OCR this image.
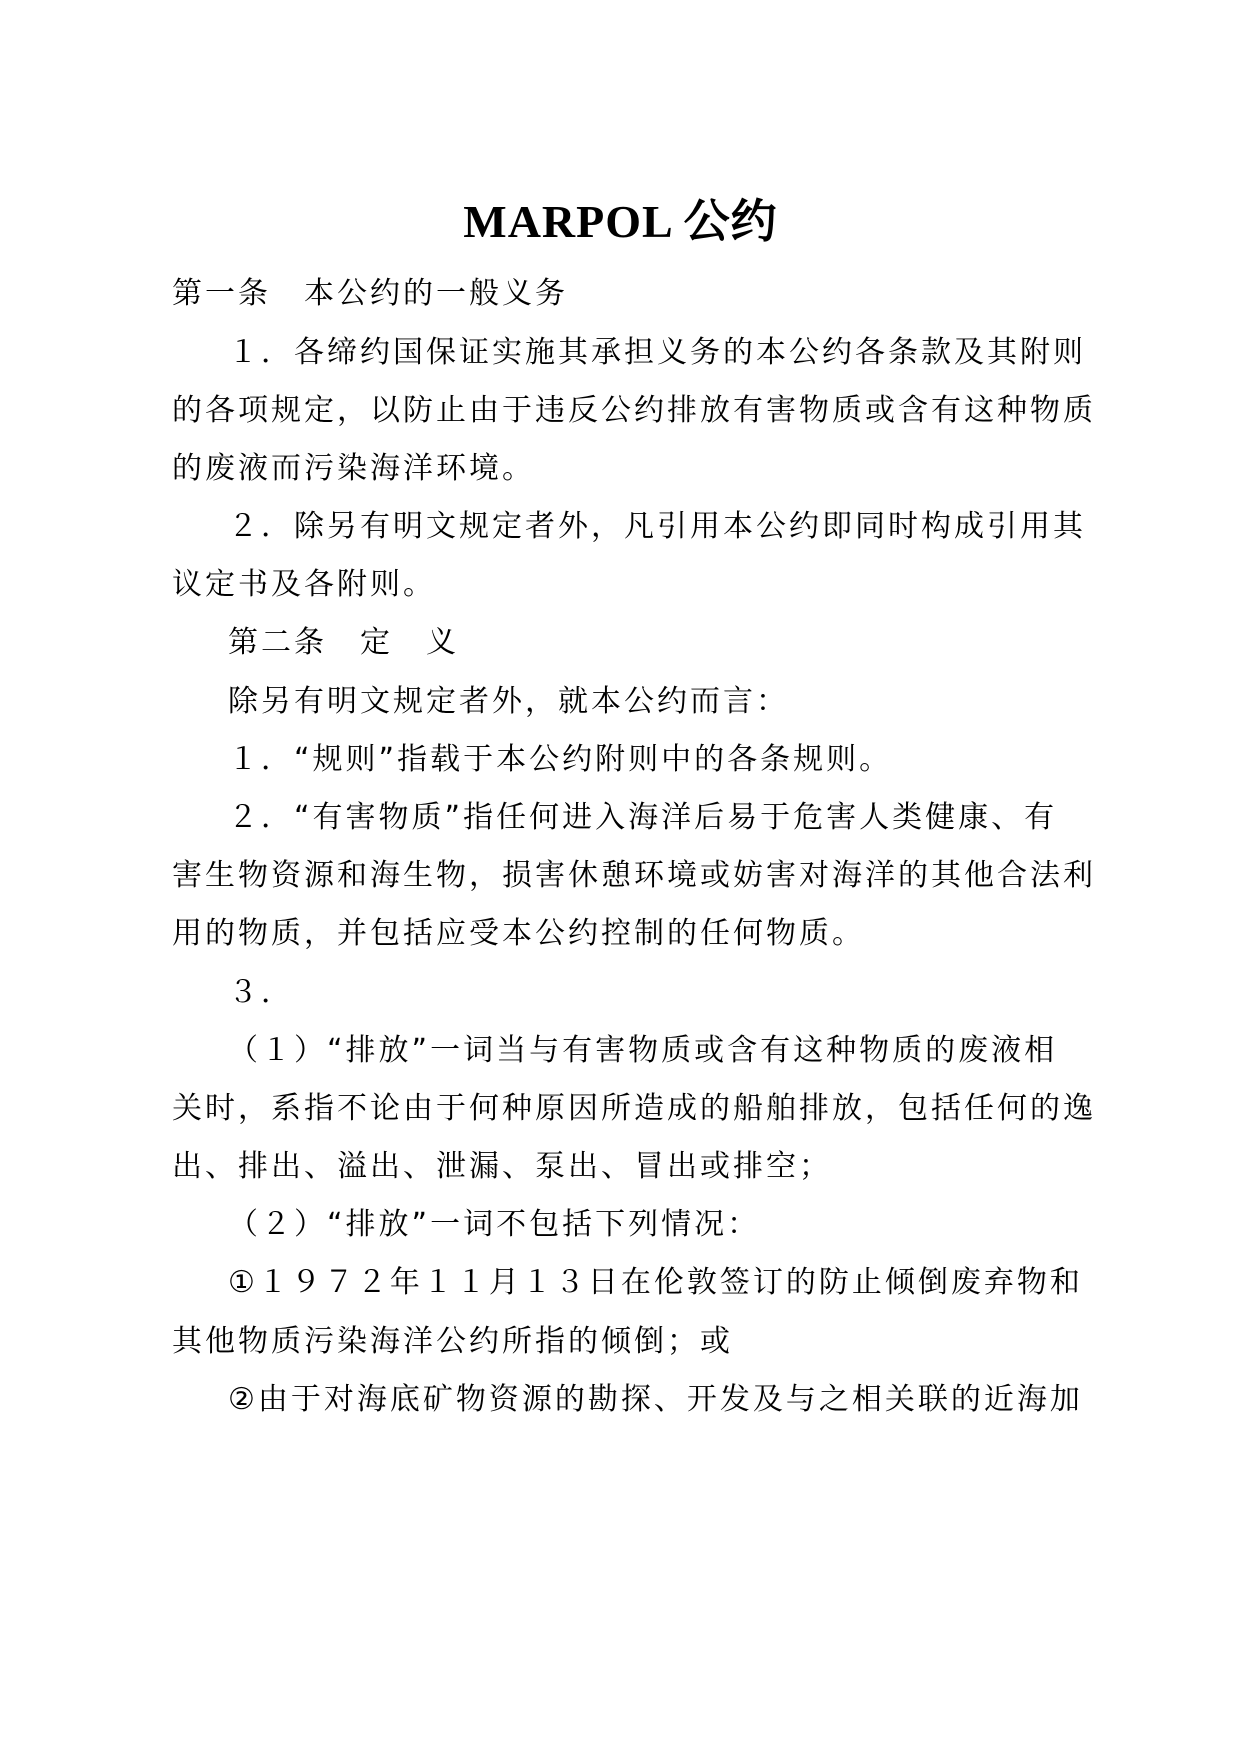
MARPOL 公约
第一条　本公约的一般义务
１．各缔约国保证实施其承担义务的本公约各条款及其附则
的各项规定，以防止由于违反公约排放有害物质或含有这种物质
的废液而污染海洋环境。
２．除另有明文规定者外，凡引用本公约即同时构成引用其
议定书及各附则。
第二条　定　义
除另有明文规定者外，就本公约而言：
１．“规则”指载于本公约附则中的各条规则。
２．“有害物质”指任何进入海洋后易于危害人类健康、有
害生物资源和海生物，损害休憩环境或妨害对海洋的其他合法利
用的物质，并包括应受本公约控制的任何物质。
３．
（１）“排放”一词当与有害物质或含有这种物质的废液相
关时，系指不论由于何种原因所造成的船舶排放，包括任何的逸
出、排出、溢出、泄漏、泵出、冒出或排空；
（２）“排放”一词不包括下列情况：
①１９７２年１１月１３日在伦敦签订的防止倾倒废弃物和
其他物质污染海洋公约所指的倾倒；或
②由于对海底矿物资源的勘探、开发及与之相关联的近海加
